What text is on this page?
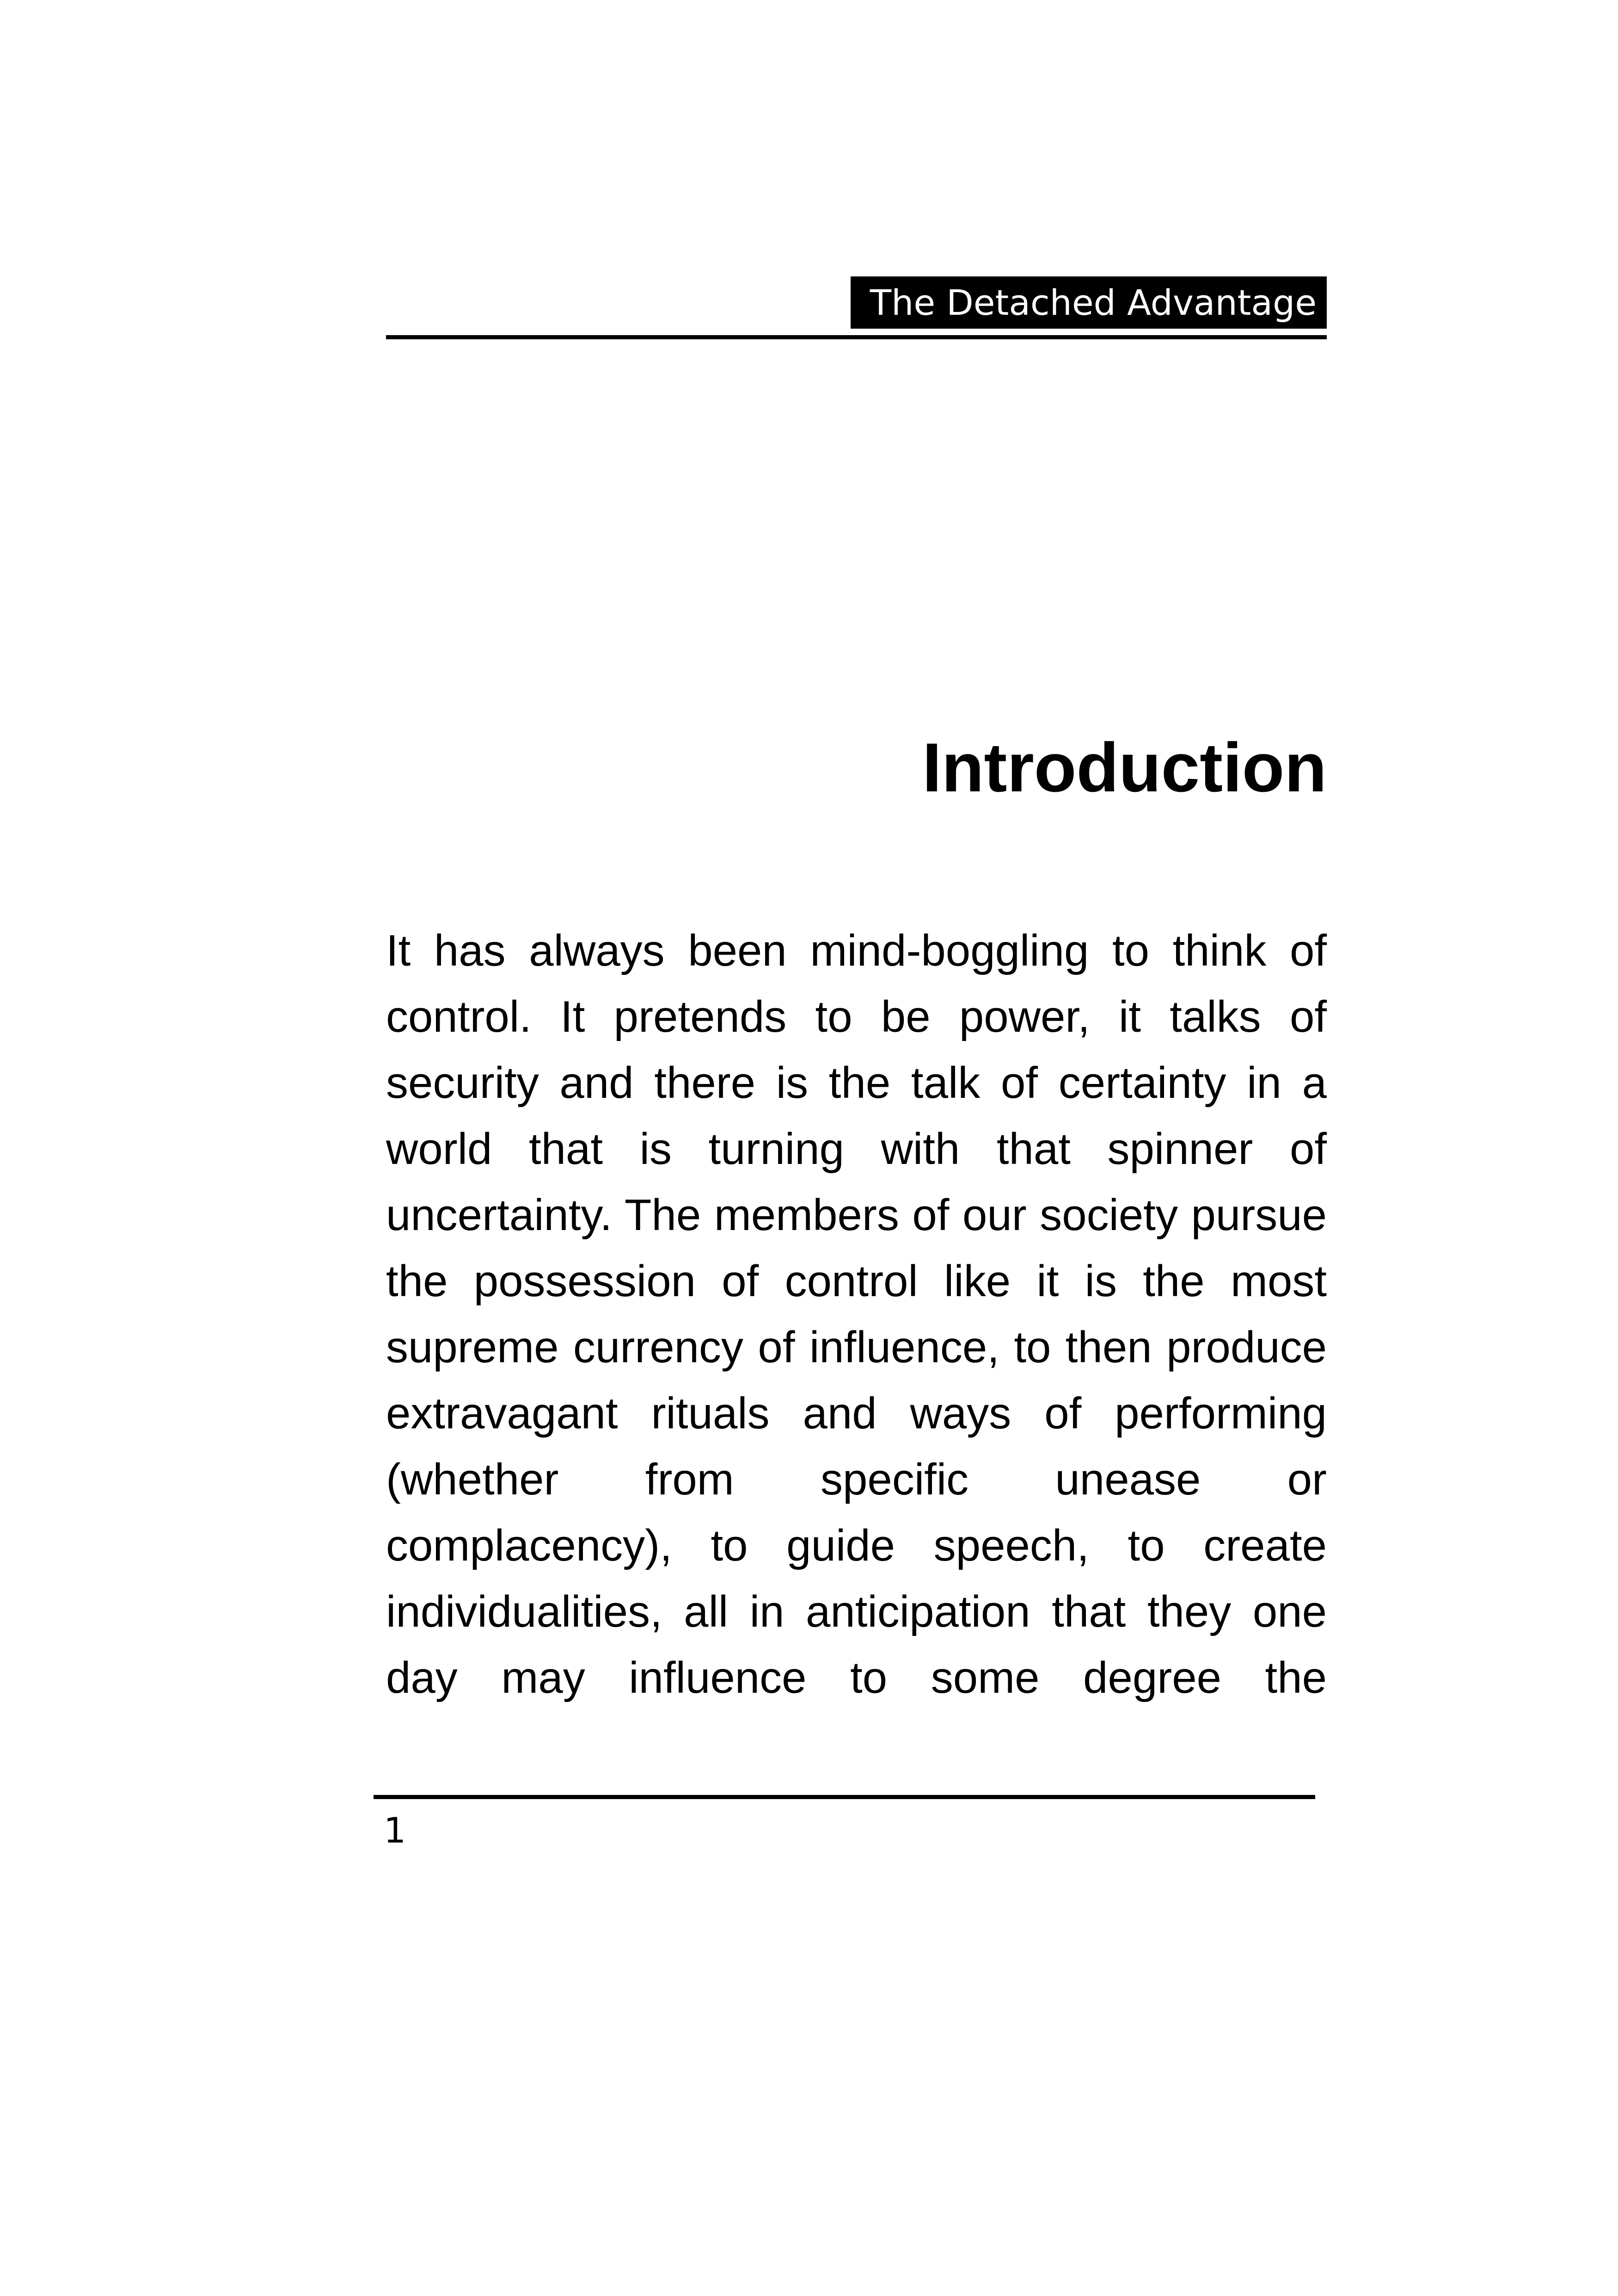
The Detached Advantage
Introduction

It has always been mind-boggling to think of control. It pretends to be power, it talks of security and there is the talk of certainty in a world that is turning with that spinner of uncertainty. The members of our society pursue the possession of control like it is the most supreme currency of influence, to then produce extravagant rituals and ways of performing (whether from specific unease or complacency), to guide speech, to create individualities, all in anticipation that they one day may influence to some degree the

1
